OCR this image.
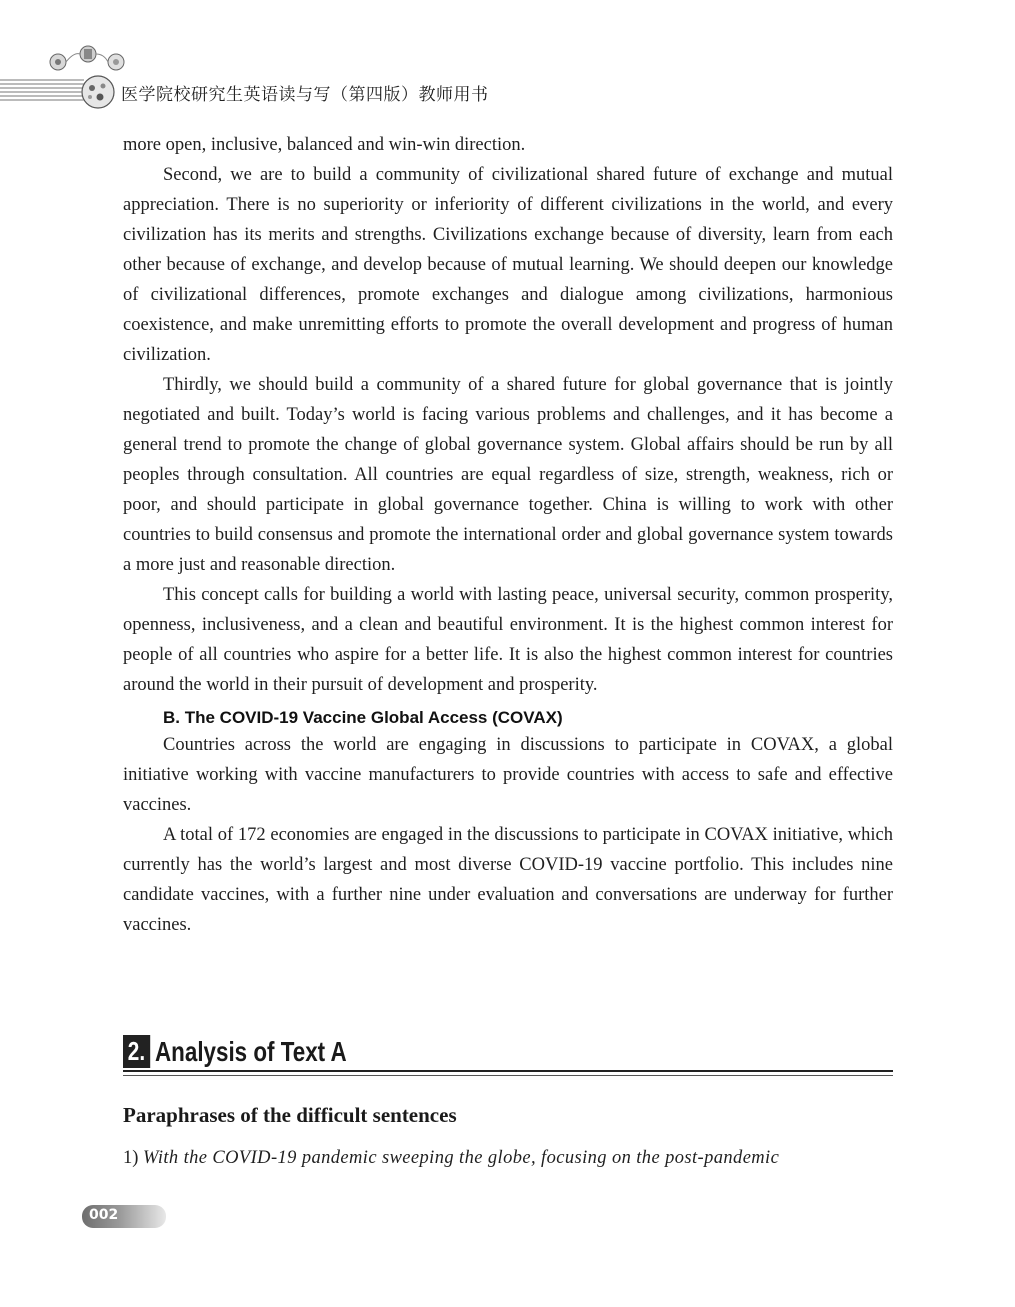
医学院校研究生英语读与写（第四版）教师用书

more open, inclusive, balanced and win-win direction.

Second, we are to build a community of civilizational shared future of exchange and mutual appreciation. There is no superiority or inferiority of different civilizations in the world, and every civilization has its merits and strengths. Civilizations exchange because of diversity, learn from each other because of exchange, and develop because of mutual learning. We should deepen our knowledge of civilizational differences, promote exchanges and dialogue among civilizations, harmonious coexistence, and make unremitting efforts to promote the overall development and progress of human civilization.

Thirdly, we should build a community of a shared future for global governance that is jointly negotiated and built. Today’s world is facing various problems and challenges, and it has become a general trend to promote the change of global governance system. Global affairs should be run by all peoples through consultation. All countries are equal regardless of size, strength, weakness, rich or poor, and should participate in global governance together. China is willing to work with other countries to build consensus and promote the international order and global governance system towards a more just and reasonable direction.

This concept calls for building a world with lasting peace, universal security, common prosperity, openness, inclusiveness, and a clean and beautiful environment. It is the highest common interest for people of all countries who aspire for a better life. It is also the highest common interest for countries around the world in their pursuit of development and prosperity.

B. The COVID-19 Vaccine Global Access (COVAX)

Countries across the world are engaging in discussions to participate in COVAX, a global initiative working with vaccine manufacturers to provide countries with access to safe and effective vaccines.

A total of 172 economies are engaged in the discussions to participate in COVAX initiative, which currently has the world’s largest and most diverse COVID-19 vaccine portfolio. This includes nine candidate vaccines, with a further nine under evaluation and conversations are underway for further vaccines.

2. Analysis of Text A
Paraphrases of the difficult sentences
1) With the COVID-19 pandemic sweeping the globe, focusing on the post-pandemic
002
